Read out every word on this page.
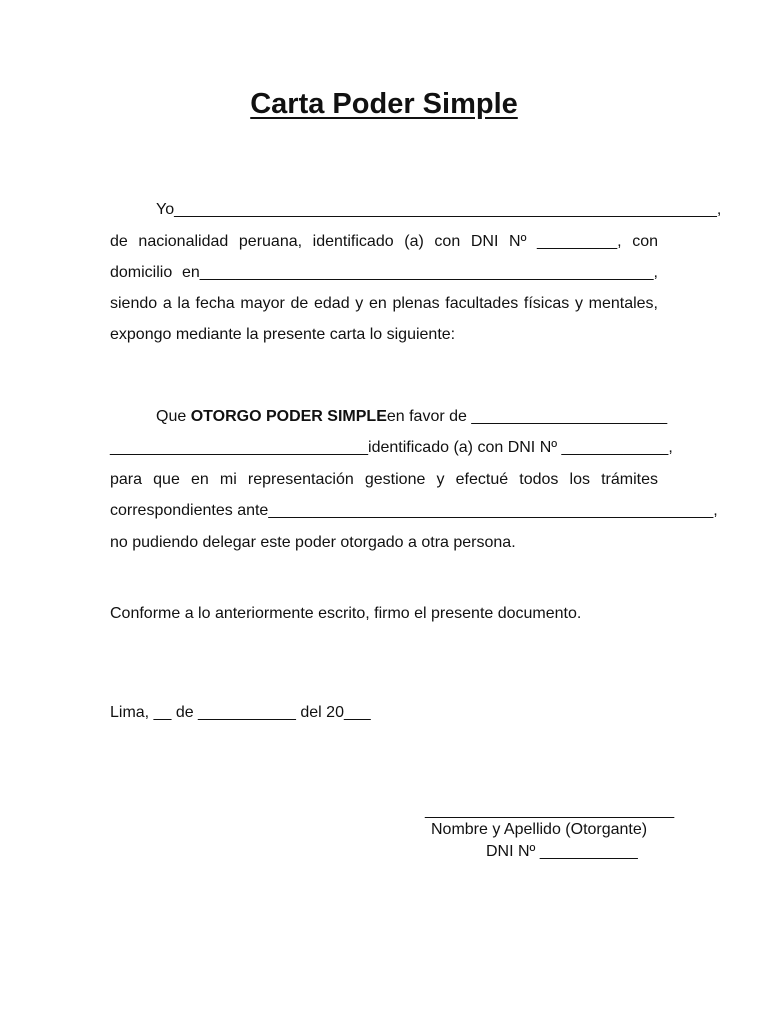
Carta Poder Simple
Yo_____________________________________________________________,
de nacionalidad peruana, identificado (a) con DNI Nº _________, con
domicilio en___________________________________________________,
siendo a la fecha mayor de edad y en plenas facultades físicas y mentales,
expongo mediante la presente carta lo siguiente:
Que OTORGO PODER SIMPLE en favor de ______________________
_____________________________identificado (a) con DNI Nº ____________,
para que en mi representación gestione y efectué todos los trámites
correspondientes ante__________________________________________________,
no pudiendo delegar este poder otorgado a otra persona.
Conforme a lo anteriormente escrito, firmo el presente documento.
Lima, __ de ___________ del 20___
____________________________
Nombre y Apellido (Otorgante)
DNI Nº ___________
